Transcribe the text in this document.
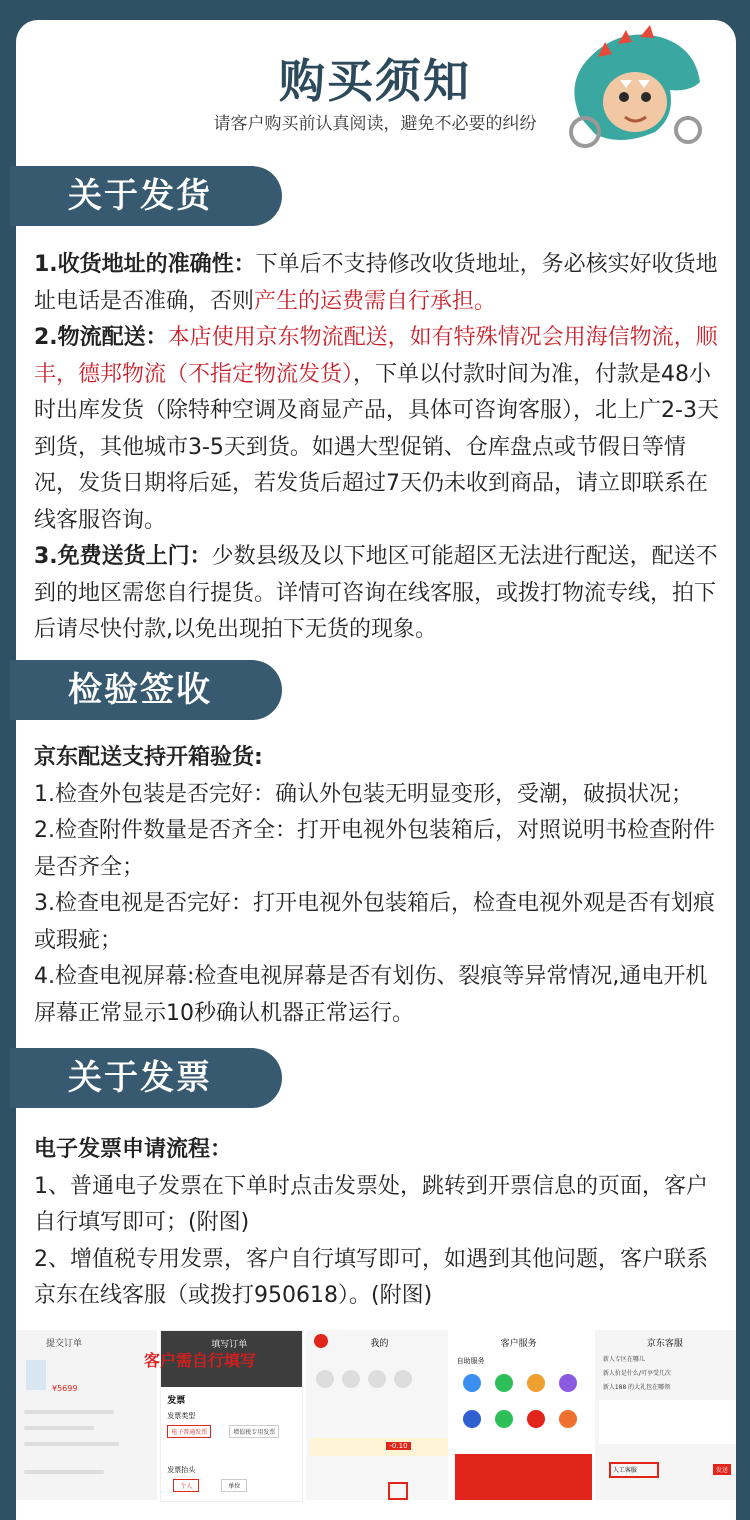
购买须知
请客户购买前认真阅读，避免不必要的纠纷
关于发货

1.收货地址的准确性：下单后不支持修改收货地址，务必核实好收货地址电话是否准确，否则产生的运费需自行承担。

2.物流配送：本店使用京东物流配送，如有特殊情况会用海信物流，顺丰，德邦物流（不指定物流发货），下单以付款时间为准，付款是48小时出库发货（除特种空调及商显产品，具体可咨询客服），北上广2-3天到货，其他城市3-5天到货。如遇大型促销、仓库盘点或节假日等情况，发货日期将后延，若发货后超过7天仍未收到商品，请立即联系在线客服咨询。

3.免费送货上门：少数县级及以下地区可能超区无法进行配送，配送不到的地区需您自行提货。详情可咨询在线客服，或拨打物流专线，拍下后请尽快付款,以免出现拍下无货的现象。

检验签收

京东配送支持开箱验货:

1.检查外包装是否完好：确认外包装无明显变形，受潮，破损状况；

2.检查附件数量是否齐全：打开电视外包装箱后，对照说明书检查附件是否齐全；

3.检查电视是否完好：打开电视外包装箱后，检查电视外观是否有划痕或瑕疵；

4.检查电视屏幕:检查电视屏幕是否有划伤、裂痕等异常情况,通电开机屏幕正常显示10秒确认机器正常运行。

关于发票

电子发票申请流程：

1、普通电子发票在下单时点击发票处，跳转到开票信息的页面，客户自行填写即可；(附图)

2、增值税专用发票，客户自行填写即可，如遇到其他问题，客户联系京东在线客服（或拨打950618）。(附图)

提交订单
¥5699
填写订单
发票
发票类型
电子普通发票	增值税专用发票
发票抬头
个人	单位
我的
-0.10
客户服务
自助服务
京东客服
新人专区在哪儿
新人价是什么/可享受几次
新人188 的大礼包在哪领
人工客服	发送
客户需自行填写
